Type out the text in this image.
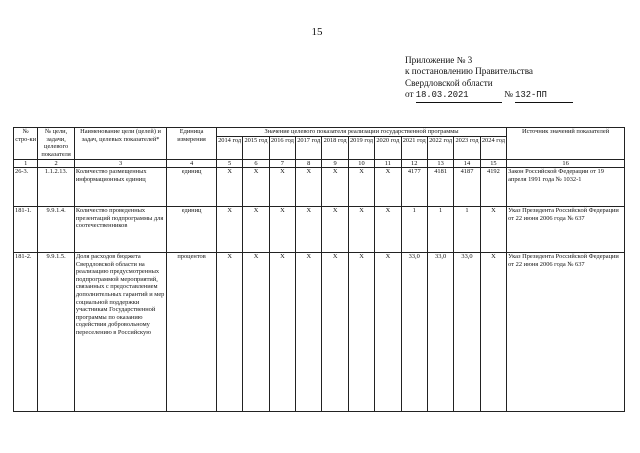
15
Приложение № 3
к постановлению Правительства
Свердловской области
от 18.03.2021	№ 132-ПП
№ стро-ки	№ цели, задачи, целевого показателя	Наименование цели (целей) и задач, целевых показателей*	Единица измерения	Значение целевого показателя реализации государственной программы											Источник значений показателей
				2014 год	2015 год	2016 год	2017 год	2018 год	2019 год	2020 год	2021 год	2022 год	2023 год	2024 год	
1	2	3	4	5	6	7	8	9	10	11	12	13	14	15	16
26-3.	1.1.2.13.	Количество размещенных информационных единиц	единиц	X	X	X	X	X	X	X	4177	4181	4187	4192	Закон Российской Федерации от 19 апреля 1991 года № 1032-1
181-1.	9.9.1.4.	Количество проведенных презентаций подпрограммы для соотечественников	единиц	X	X	X	X	X	X	X	1	1	1	X	Указ Президента Российской Федерации от 22 июня 2006 года № 637
181-2.	9.9.1.5.	Доля расходов бюджета Свердловской области на реализацию предусмотренных подпрограммой мероприятий, связанных с предоставлением дополнительных гарантий и мер социальной поддержки участникам Государственной программы по оказанию содействия добровольному переселению в Российскую	процентов	X	X	X	X	X	X	X	33,0	33,0	33,0	X	Указ Президента Российской Федерации от 22 июня 2006 года № 637
